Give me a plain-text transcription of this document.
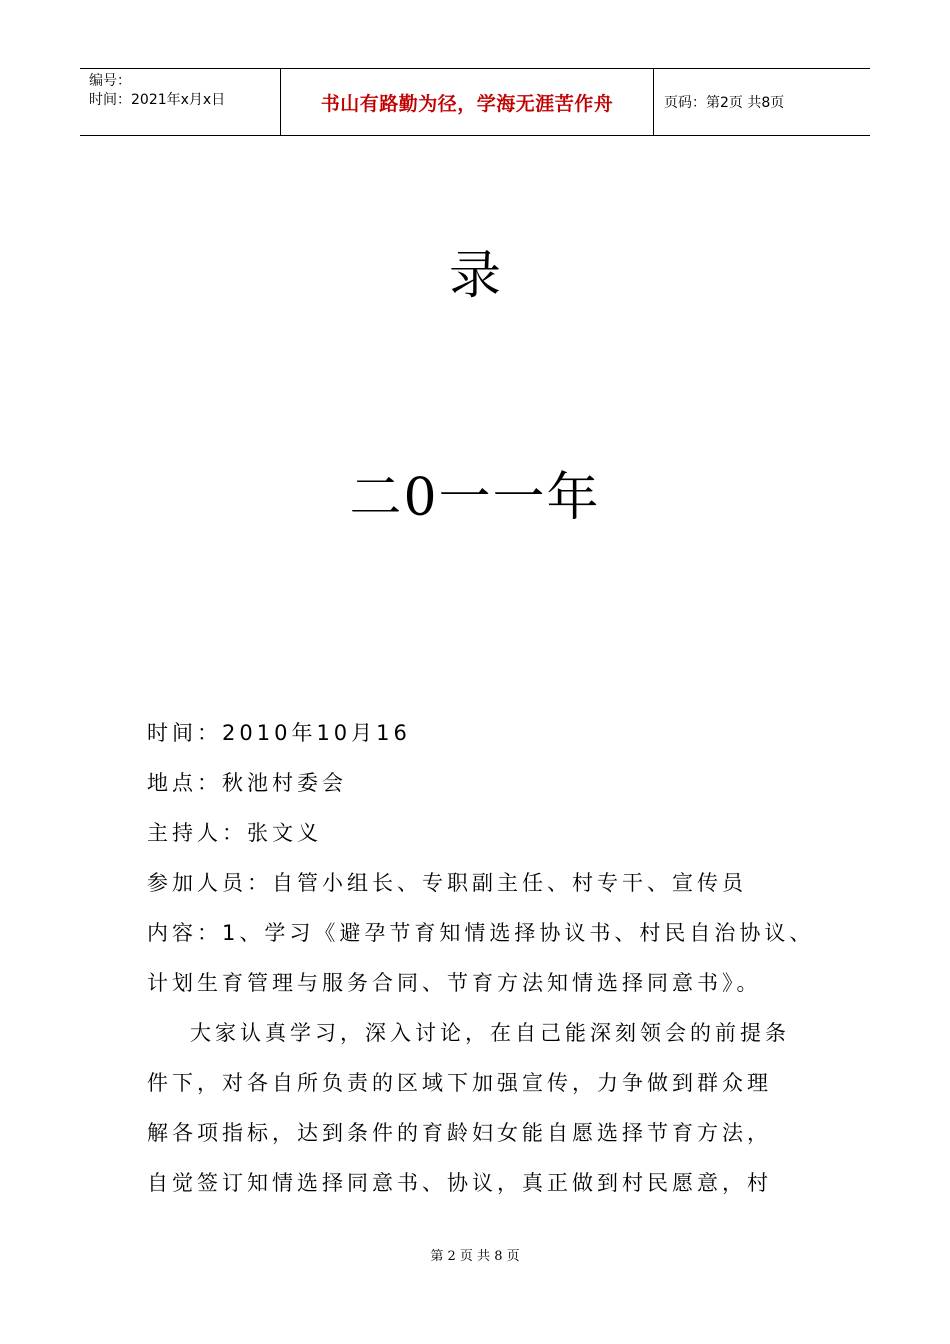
编号：
时间：2021年x月x日	书山有路勤为径，学海无涯苦作舟	页码：第2页 共8页
录
二0一一年
时间：2010年10月16
地点：秋池村委会
主持人：张文义
参加人员：自管小组长、专职副主任、村专干、宣传员
内容：1、学习《避孕节育知情选择协议书、村民自治协议、
计划生育管理与服务合同、节育方法知情选择同意书》。
大家认真学习，深入讨论，在自己能深刻领会的前提条
件下，对各自所负责的区域下加强宣传，力争做到群众理
解各项指标，达到条件的育龄妇女能自愿选择节育方法，
自觉签订知情选择同意书、协议，真正做到村民愿意，村
第 2 页 共 8 页
